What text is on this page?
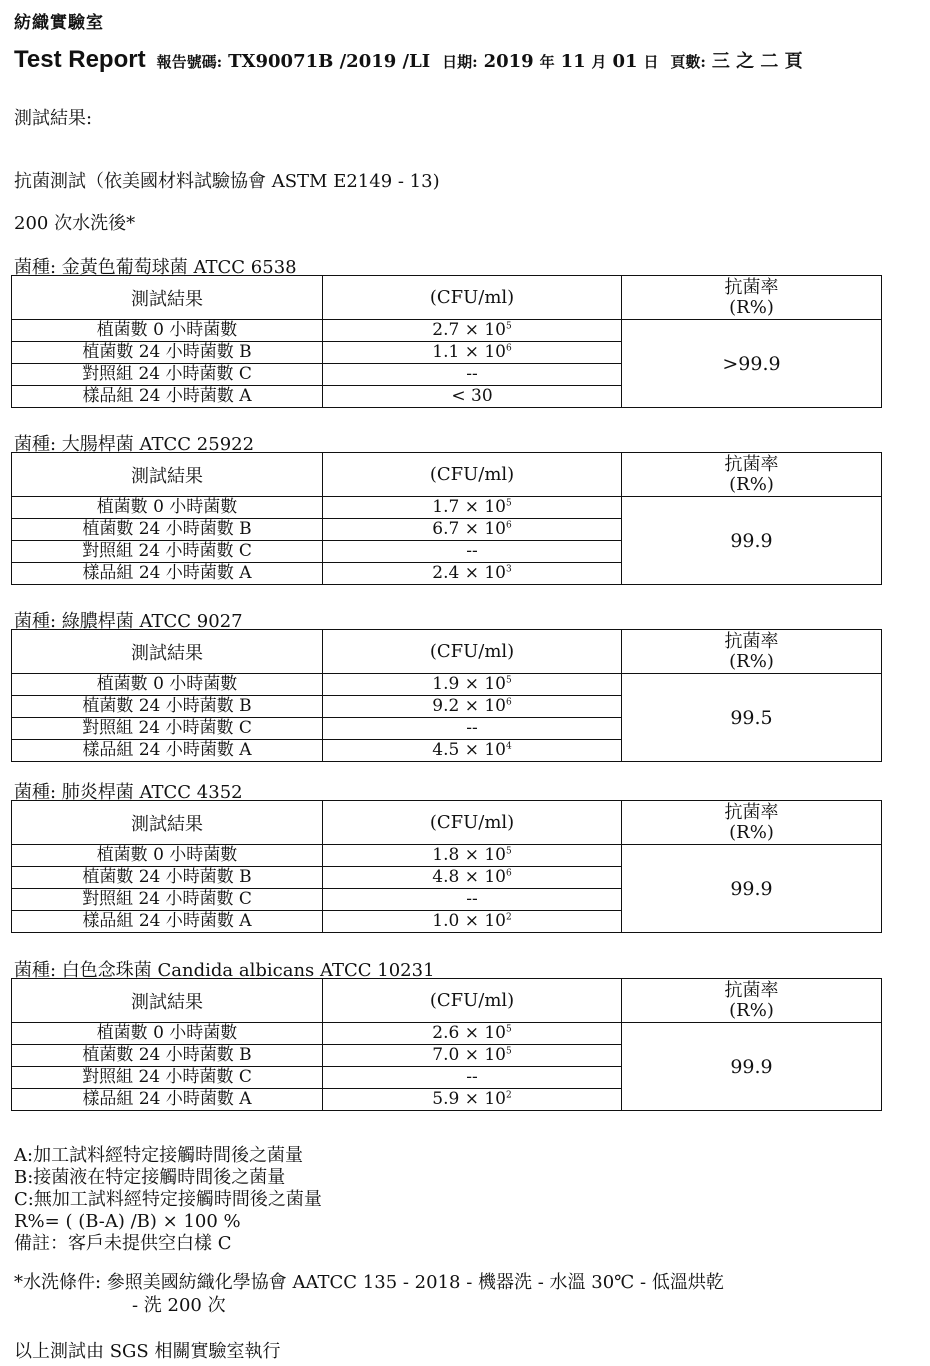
紡織實驗室
Test Report 報告號碼: TX90071B /2019 /LI 日期: 2019 年 11 月 01 日 頁數: 三 之 二 頁
測試結果:
抗菌測試（依美國材料試驗協會 ASTM E2149 - 13)
200 次水洗後*
菌種: 金黃色葡萄球菌 ATCC 6538
測試結果	(CFU/ml)	抗菌率
(R%)

植菌數 0 小時菌數	$2.7 \times 10^5$	>99.9
植菌數 24 小時菌數 B	$1.1 \times 10^6$
對照組 24 小時菌數 C	--	
樣品組 24 小時菌數 A	< 30	
菌種: 大腸桿菌 ATCC 25922
測試結果	(CFU/ml)	抗菌率
(R%)

植菌數 0 小時菌數	$1.7 \times 10^5$	99.9
植菌數 24 小時菌數 B	$6.7 \times 10^6$
對照組 24 小時菌數 C	--	
樣品組 24 小時菌數 A	$2.4 \times 10^3$
菌種: 綠膿桿菌 ATCC 9027
測試結果	(CFU/ml)	抗菌率
(R%)

植菌數 0 小時菌數	$1.9 \times 10^5$	99.5
植菌數 24 小時菌數 B	$9.2 \times 10^6$
對照組 24 小時菌數 C	--	
樣品組 24 小時菌數 A	$4.5 \times 10^4$
菌種: 肺炎桿菌 ATCC 4352
測試結果	(CFU/ml)	抗菌率
(R%)

植菌數 0 小時菌數	$1.8 \times 10^5$	99.9
植菌數 24 小時菌數 B	$4.8 \times 10^6$
對照組 24 小時菌數 C	--	
樣品組 24 小時菌數 A	$1.0 \times 10^2$
菌種: 白色念珠菌 Candida albicans ATCC 10231
測試結果	(CFU/ml)	抗菌率
(R%)

植菌數 0 小時菌數	$2.6 \times 10^5$	99.9
植菌數 24 小時菌數 B	$7.0 \times 10^5$
對照組 24 小時菌數 C	--	
樣品組 24 小時菌數 A	$5.9 \times 10^2$
A:加工試料經特定接觸時間後之菌量
B:接菌液在特定接觸時間後之菌量
C:無加工試料經特定接觸時間後之菌量
R%= ( (B-A) /B) × 100 %
備註：客戶未提供空白樣 C
*水洗條件: 參照美國紡織化學協會 AATCC 135 - 2018 - 機器洗 - 水溫 30℃ - 低溫烘乾
- 洗 200 次
以上測試由 SGS 相關實驗室執行
